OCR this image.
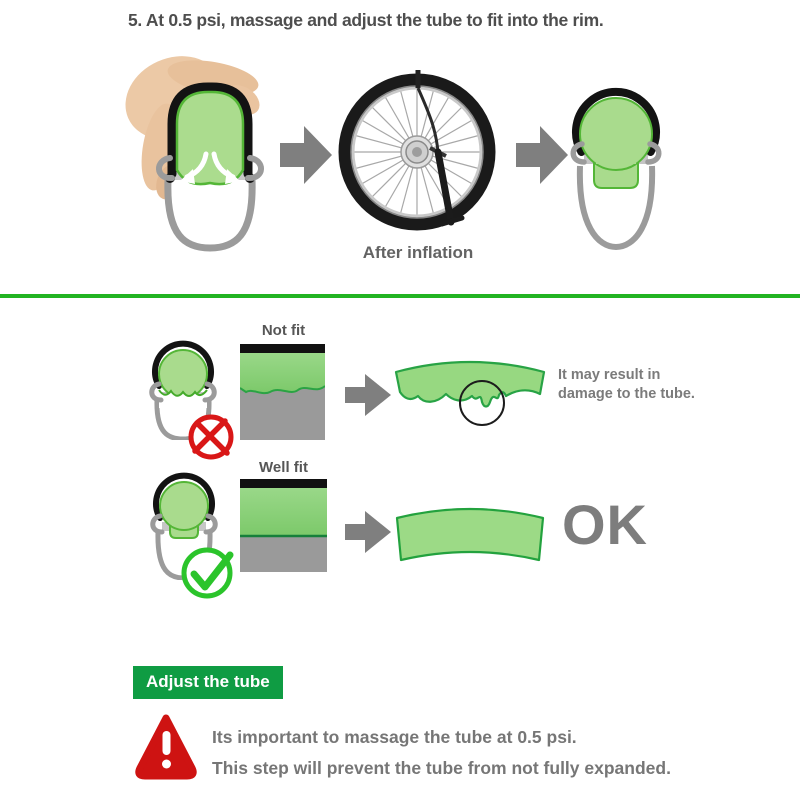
5. At 0.5 psi, massage and adjust the tube to fit into the rim.
After inflation
Not fit
It may result in
damage to the tube.
Well fit
OK
Adjust the tube
Its important to massage the tube at 0.5 psi.
This step will prevent the tube from not fully expanded.
